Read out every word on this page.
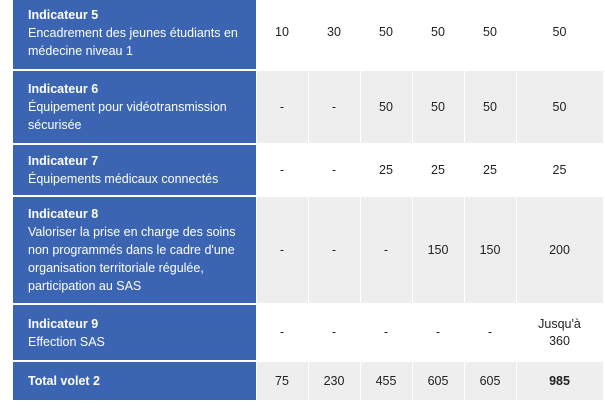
Indicateur 5
Encadrement des jeunes étudiants en médecine niveau 1	10	30	50	50	50	50

Indicateur 6
Équipement pour vidéotransmission sécurisée	-	-	50	50	50	50

Indicateur 7
Équipements médicaux connectés	-	-	25	25	25	25

Indicateur 8
Valoriser la prise en charge des soins non programmés dans le cadre d'une organisation territoriale régulée, participation au SAS	-	-	-	150	150	200

Indicateur 9
Effection SAS	-	-	-	-	-	Jusqu'à 360

Total volet 2	75	230	455	605	605	985
